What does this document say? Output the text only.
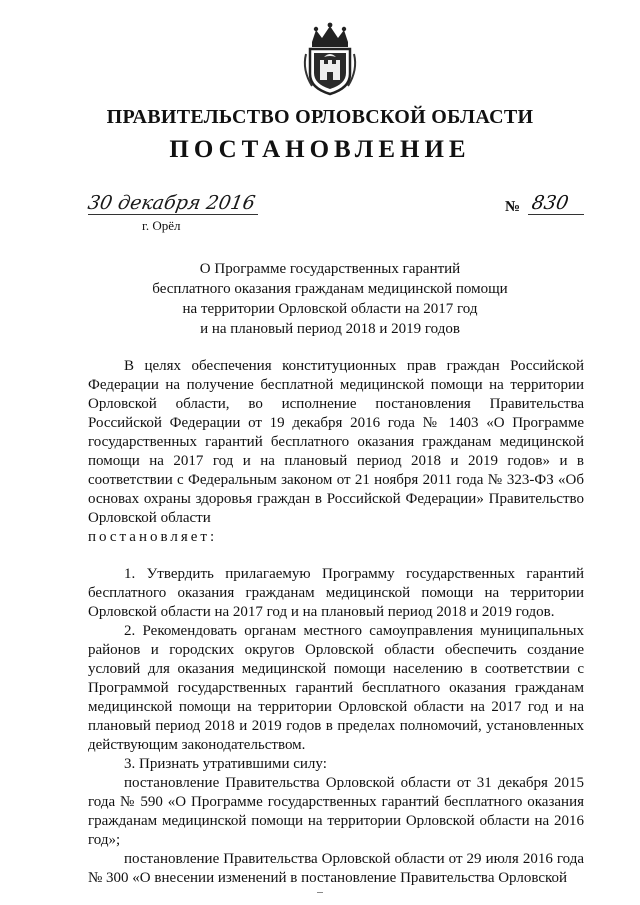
ПРАВИТЕЛЬСТВО ОРЛОВСКОЙ ОБЛАСТИ
ПОСТАНОВЛЕНИЕ
30 декабря 2016
г. Орёл
№ 830
О Программе государственных гарантий
бесплатного оказания гражданам медицинской помощи
на территории Орловской области на 2017 год
и на плановый период 2018 и 2019 годов

В целях обеспечения конституционных прав граждан Российской Федерации на получение бесплатной медицинской помощи на территории Орловской области, во исполнение постановления Правительства Российской Федерации от 19 декабря 2016 года № 1403 «О Программе государственных гарантий бесплатного оказания гражданам медицинской помощи на 2017 год и на плановый период 2018 и 2019 годов» и в соответствии с Федеральным законом от 21 ноября 2011 года № 323-ФЗ «Об основах охраны здоровья граждан в Российской Федерации» Правительство Орловской области

постановляет:

1. Утвердить прилагаемую Программу государственных гарантий бесплатного оказания гражданам медицинской помощи на территории Орловской области на 2017 год и на плановый период 2018 и 2019 годов.

2. Рекомендовать органам местного самоуправления муниципальных районов и городских округов Орловской области обеспечить создание условий для оказания медицинской помощи населению в соответствии с Программой государственных гарантий бесплатного оказания гражданам медицинской помощи на территории Орловской области на 2017 год и на плановый период 2018 и 2019 годов в пределах полномочий, установленных действующим законодательством.

3. Признать утратившими силу:

постановление Правительства Орловской области от 31 декабря 2015 года № 590 «О Программе государственных гарантий бесплатного оказания гражданам медицинской помощи на территории Орловской области на 2016 год»;

постановление Правительства Орловской области от 29 июля 2016 года № 300 «О внесении изменений в постановление Правительства Орловской
